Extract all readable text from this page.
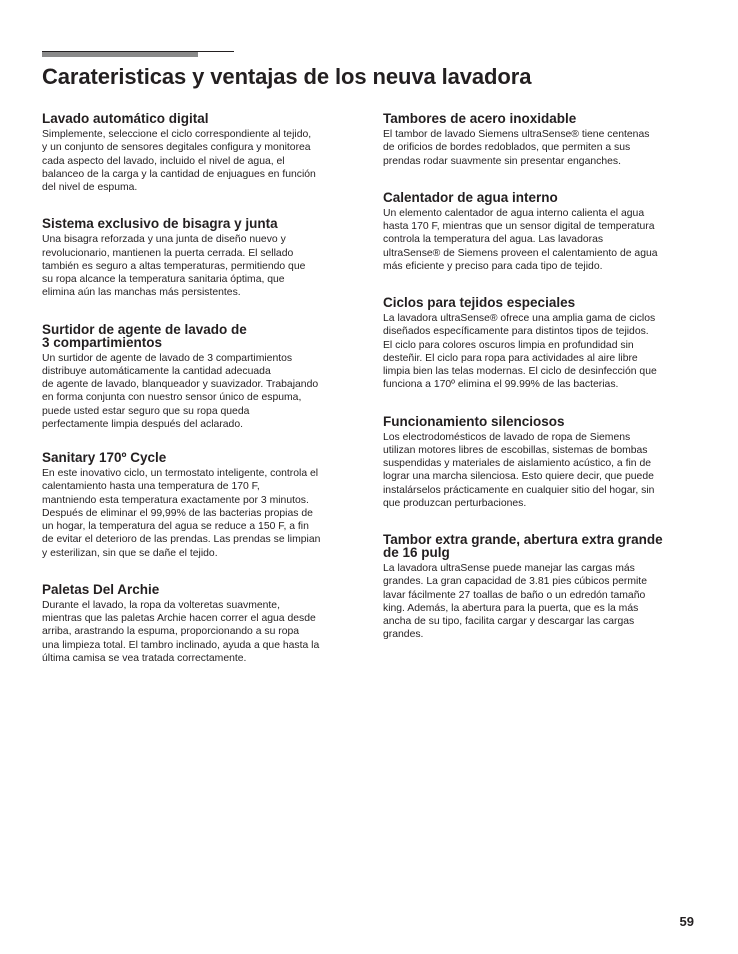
Carateristicas y ventajas de los neuva lavadora
Lavado automático digital

Simplemente, seleccione el ciclo correspondiente al tejido,
y un conjunto de sensores degitales configura y monitorea
cada aspecto del lavado, incluido el nivel de agua, el
balanceo de la carga y la cantidad de enjuagues en función
del nivel de espuma.

Sistema exclusivo de bisagra y junta

Una bisagra reforzada y una junta de diseño nuevo y
revolucionario, mantienen la puerta cerrada. El sellado
también es seguro a altas temperaturas, permitiendo que
su ropa alcance la temperatura sanitaria óptima, que
elimina aún las manchas más persistentes.

Surtidor de agente de lavado de
3 compartimientos

Un surtidor de agente de lavado de 3 compartimientos
distribuye automáticamente la cantidad adecuada
de agente de lavado, blanqueador y suavizador. Trabajando
en forma conjunta con nuestro sensor único de espuma,
puede usted estar seguro que su ropa queda
perfectamente limpia después del aclarado.

Sanitary 170º Cycle

En este inovativo ciclo, un termostato inteligente, controla el
calentamiento hasta una temperatura de 170 F,
mantniendo esta temperatura exactamente por 3 minutos.
Después de eliminar el 99,99% de las bacterias propias de
un hogar, la temperatura del agua se reduce a 150 F, a fin
de evitar el deterioro de las prendas. Las prendas se limpian
y esterilizan, sin que se dañe el tejido.

Paletas Del Archie

Durante el lavado, la ropa da volteretas suavmente,
mientras que las paletas Archie hacen correr el agua desde
arriba, arastrando la espuma, proporcionando a su ropa
una limpieza total. El tambro inclinado, ayuda a que hasta la
última camisa se vea tratada correctamente.

Tambores de acero inoxidable

El tambor de lavado Siemens ultraSense® tiene centenas
de orificios de bordes redoblados, que permiten a sus
prendas rodar suavmente sin presentar enganches.

Calentador de agua interno

Un elemento calentador de agua interno calienta el agua
hasta 170 F, mientras que un sensor digital de temperatura
controla la temperatura del agua. Las lavadoras
ultraSense® de Siemens proveen el calentamiento de agua
más eficiente y preciso para cada tipo de tejido.

Ciclos para tejidos especiales

La lavadora ultraSense® ofrece una amplia gama de ciclos
diseñados específicamente para distintos tipos de tejidos.
El ciclo para colores oscuros limpia en profundidad sin
desteñir. El ciclo para ropa para actividades al aire libre
limpia bien las telas modernas. El ciclo de desinfección que
funciona a 170º elimina el 99.99% de las bacterias.

Funcionamiento silenciosos

Los electrodomésticos de lavado de ropa de Siemens
utilizan motores libres de escobillas, sistemas de bombas
suspendidas y materiales de aislamiento acústico, a fin de
lograr una marcha silenciosa. Esto quiere decir, que puede
instalárselos prácticamente en cualquier sitio del hogar, sin
que produzcan perturbaciones.

Tambor extra grande, abertura extra grande
de 16 pulg

La lavadora ultraSense puede manejar las cargas más
grandes. La gran capacidad de 3.81 pies cúbicos permite
lavar fácilmente 27 toallas de baño o un edredón tamaño
king. Además, la abertura para la puerta, que es la más
ancha de su tipo, facilita cargar y descargar las cargas
grandes.

59
